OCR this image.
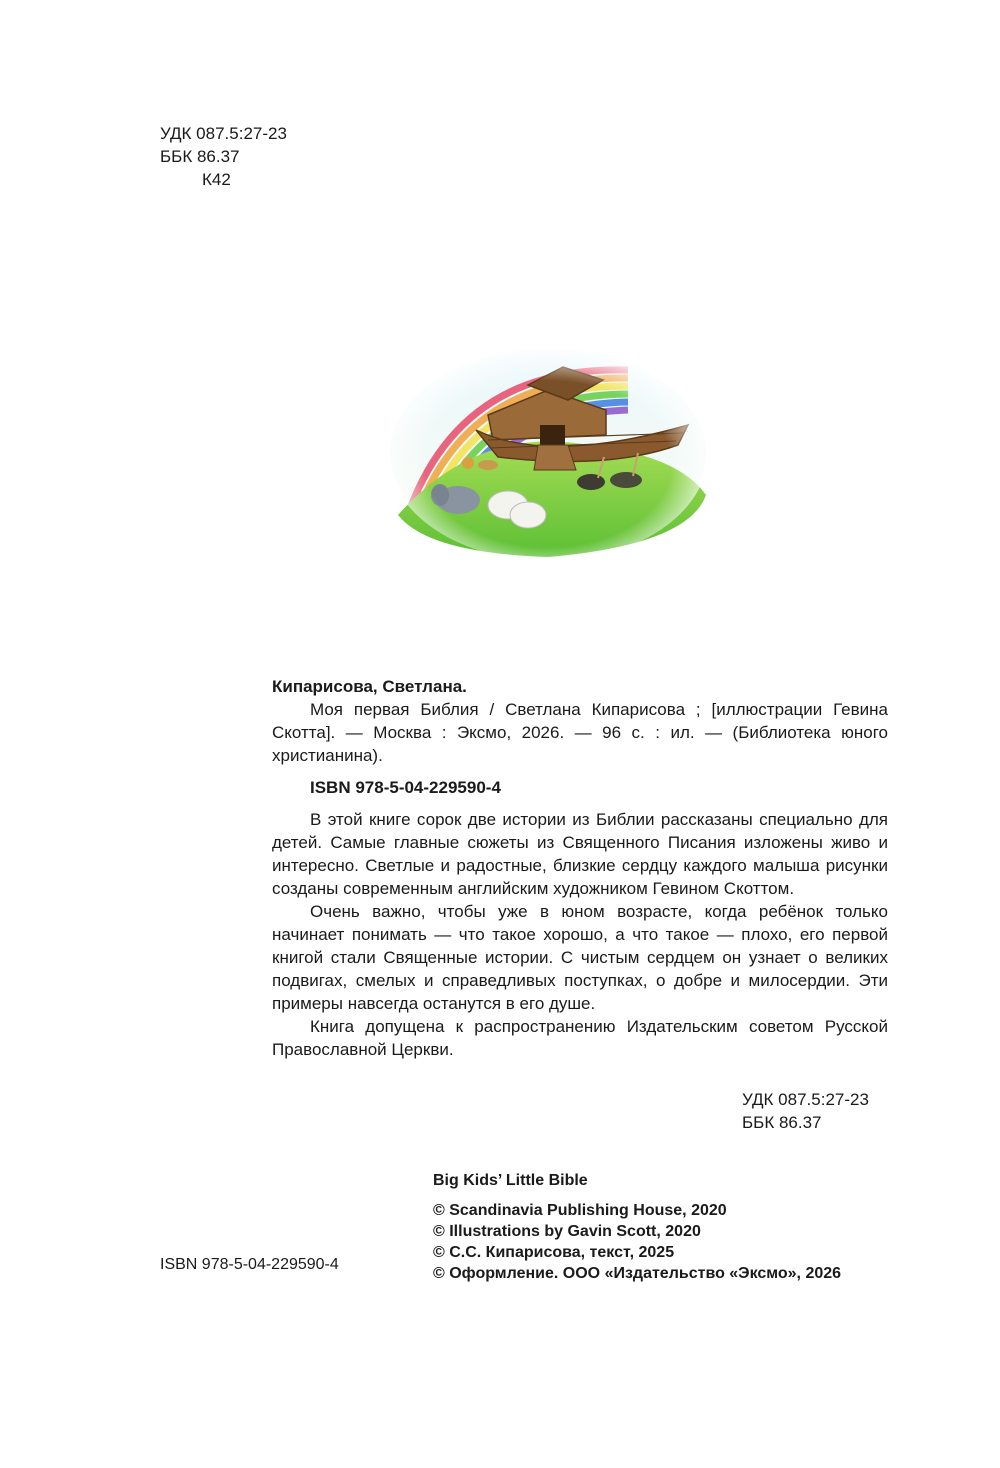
УДК 087.5:27-23
ББК 86.37
К42

Кипарисова, Светлана.

Моя первая Библия / Светлана Кипарисова ; [иллюстрации Гевина Скотта]. — Москва : Эксмо, 2026. — 96 с. : ил. — (Библиотека юного христианина).

ISBN 978-5-04-229590-4

В этой книге сорок две истории из Библии рассказаны специально для детей. Самые главные сюжеты из Священного Писания изложены живо и интересно. Светлые и радостные, близкие сердцу каждого малыша рисунки созданы современным английским художником Гевином Скоттом.

Очень важно, чтобы уже в юном возрасте, когда ребёнок только начинает понимать — что такое хорошо, а что такое — плохо, его первой книгой стали Священные истории. С чистым сердцем он узнает о великих подвигах, смелых и справедливых поступках, о добре и милосердии. Эти примеры навсегда останутся в его душе.

Книга допущена к распространению Издательским советом Русской Православной Церкви.

УДК 087.5:27-23
ББК 86.37
Big Kids’ Little Bible
© Scandinavia Publishing House, 2020
© Illustrations by Gavin Scott, 2020
© С.С. Кипарисова, текст, 2025
© Оформление. ООО «Издательство «Эксмо», 2026
ISBN 978-5-04-229590-4
